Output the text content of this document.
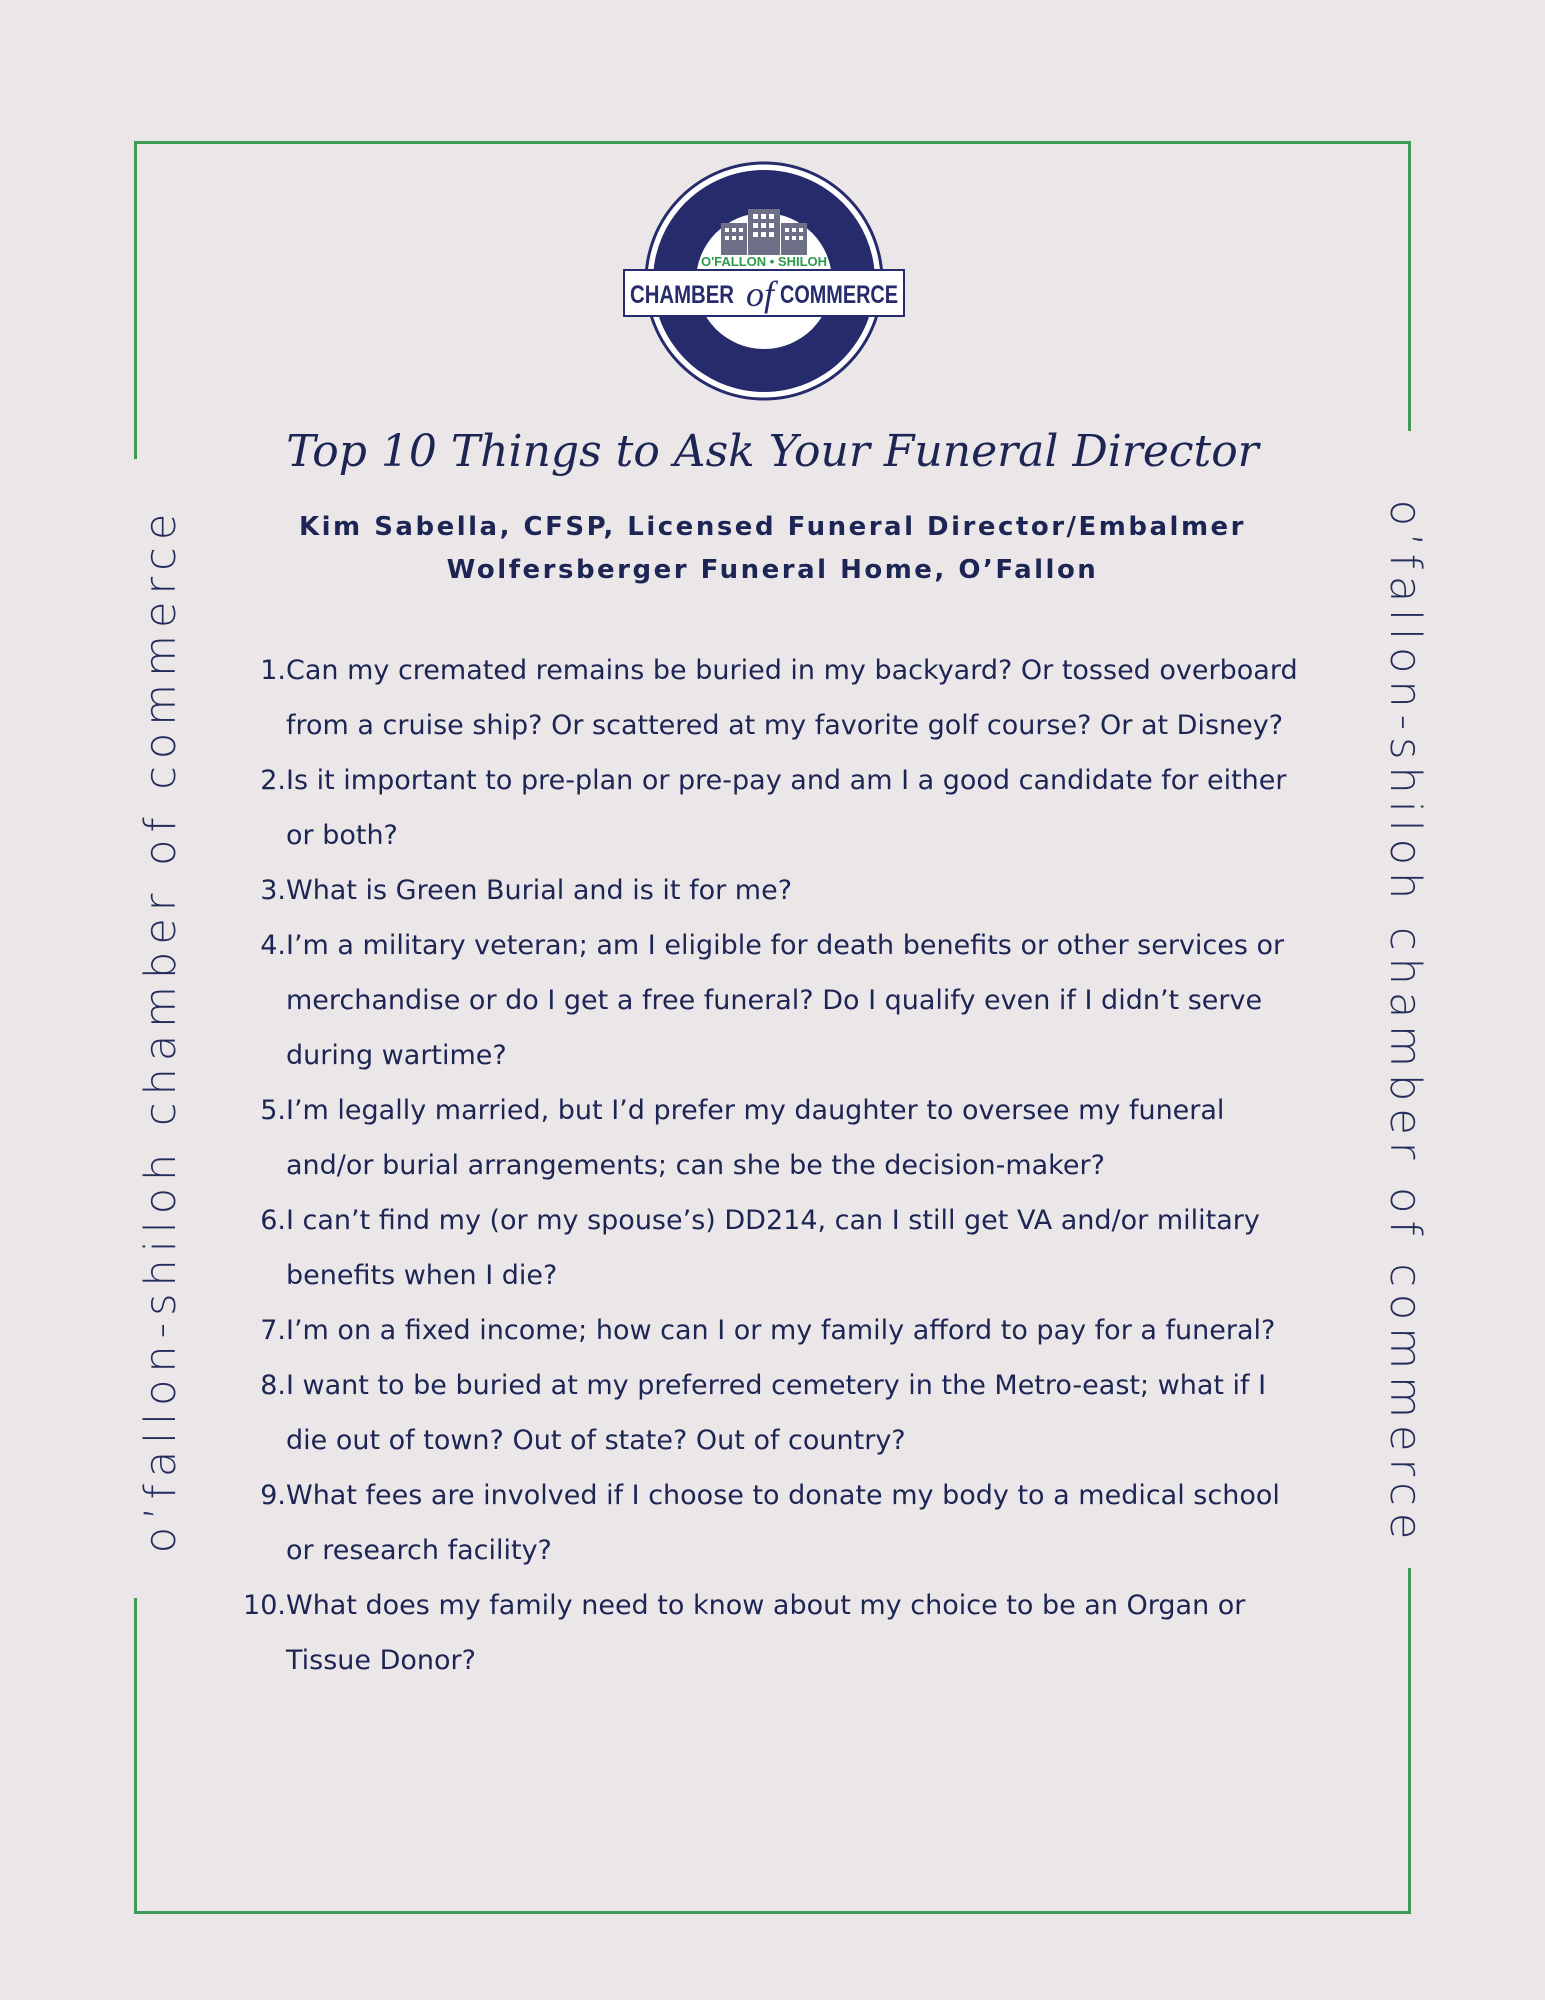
o’fallon-shiloh chamber of commerce	o’fallon-shiloh chamber of commerce
O'FALLON • SHILOH
CHAMBER of COMMERCE
Top 10 Things to Ask Your Funeral Director
Kim Sabella, CFSP, Licensed Funeral Director/Embalmer
Wolfersberger Funeral Home, O’Fallon
1. Can my cremated remains be buried in my backyard? Or tossed overboard from a cruise ship? Or scattered at my favorite golf course? Or at Disney?
2. Is it important to pre-plan or pre-pay and am I a good candidate for either or both?
3. What is Green Burial and is it for me?
4. I’m a military veteran; am I eligible for death benefits or other services or merchandise or do I get a free funeral? Do I qualify even if I didn’t serve during wartime?
5. I’m legally married, but I’d prefer my daughter to oversee my funeral and/or burial arrangements; can she be the decision-maker?
6. I can’t find my (or my spouse’s) DD214, can I still get VA and/or military benefits when I die?
7. I’m on a fixed income; how can I or my family afford to pay for a funeral?
8. I want to be buried at my preferred cemetery in the Metro-east; what if I die out of town? Out of state? Out of country?
9. What fees are involved if I choose to donate my body to a medical school or research facility?
10. What does my family need to know about my choice to be an Organ or Tissue Donor?
